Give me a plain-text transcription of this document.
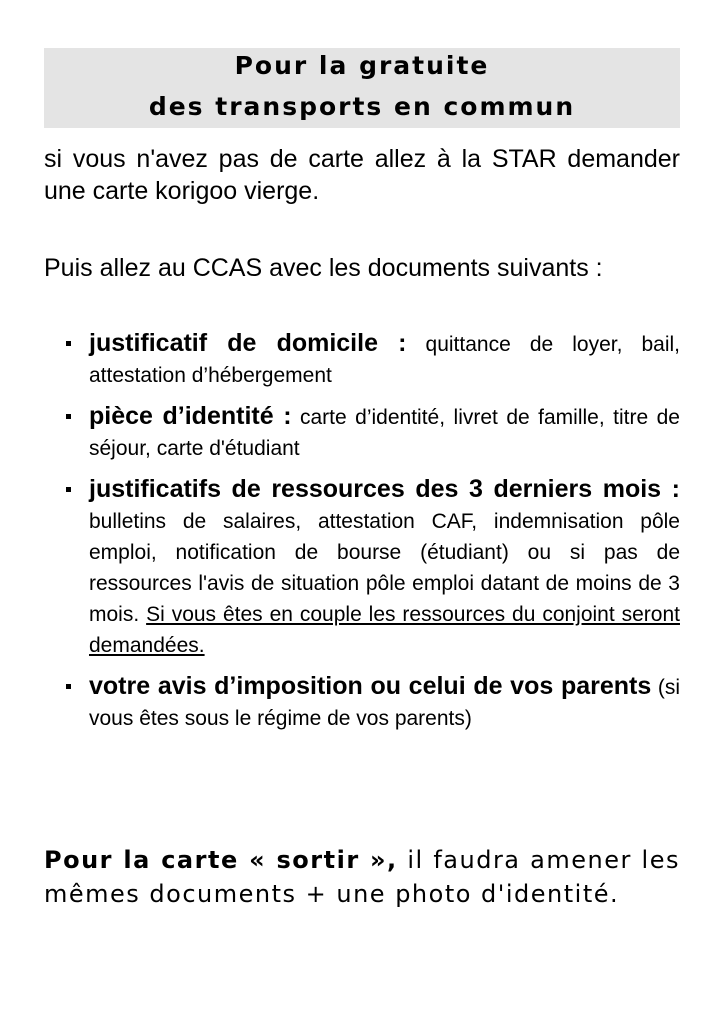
Pour la gratuite
des transports en commun
si vous n'avez pas de carte allez à la STAR demander une carte korigoo vierge.
Puis allez au CCAS avec les documents suivants :
justificatif de domicile : quittance de loyer, bail, attestation d’hébergement
pièce d’identité : carte d’identité, livret de famille, titre de séjour, carte d'étudiant
justificatifs de ressources des 3 derniers mois : bulletins de salaires, attestation CAF, indemnisation pôle emploi, notification de bourse (étudiant) ou si pas de ressources l'avis de situation pôle emploi datant de moins de 3 mois. Si vous êtes en couple les ressources du conjoint seront demandées.
votre avis d’imposition ou celui de vos parents (si vous êtes sous le régime de vos parents)
Pour la carte « sortir », il faudra amener les mêmes documents + une photo d'identité.
